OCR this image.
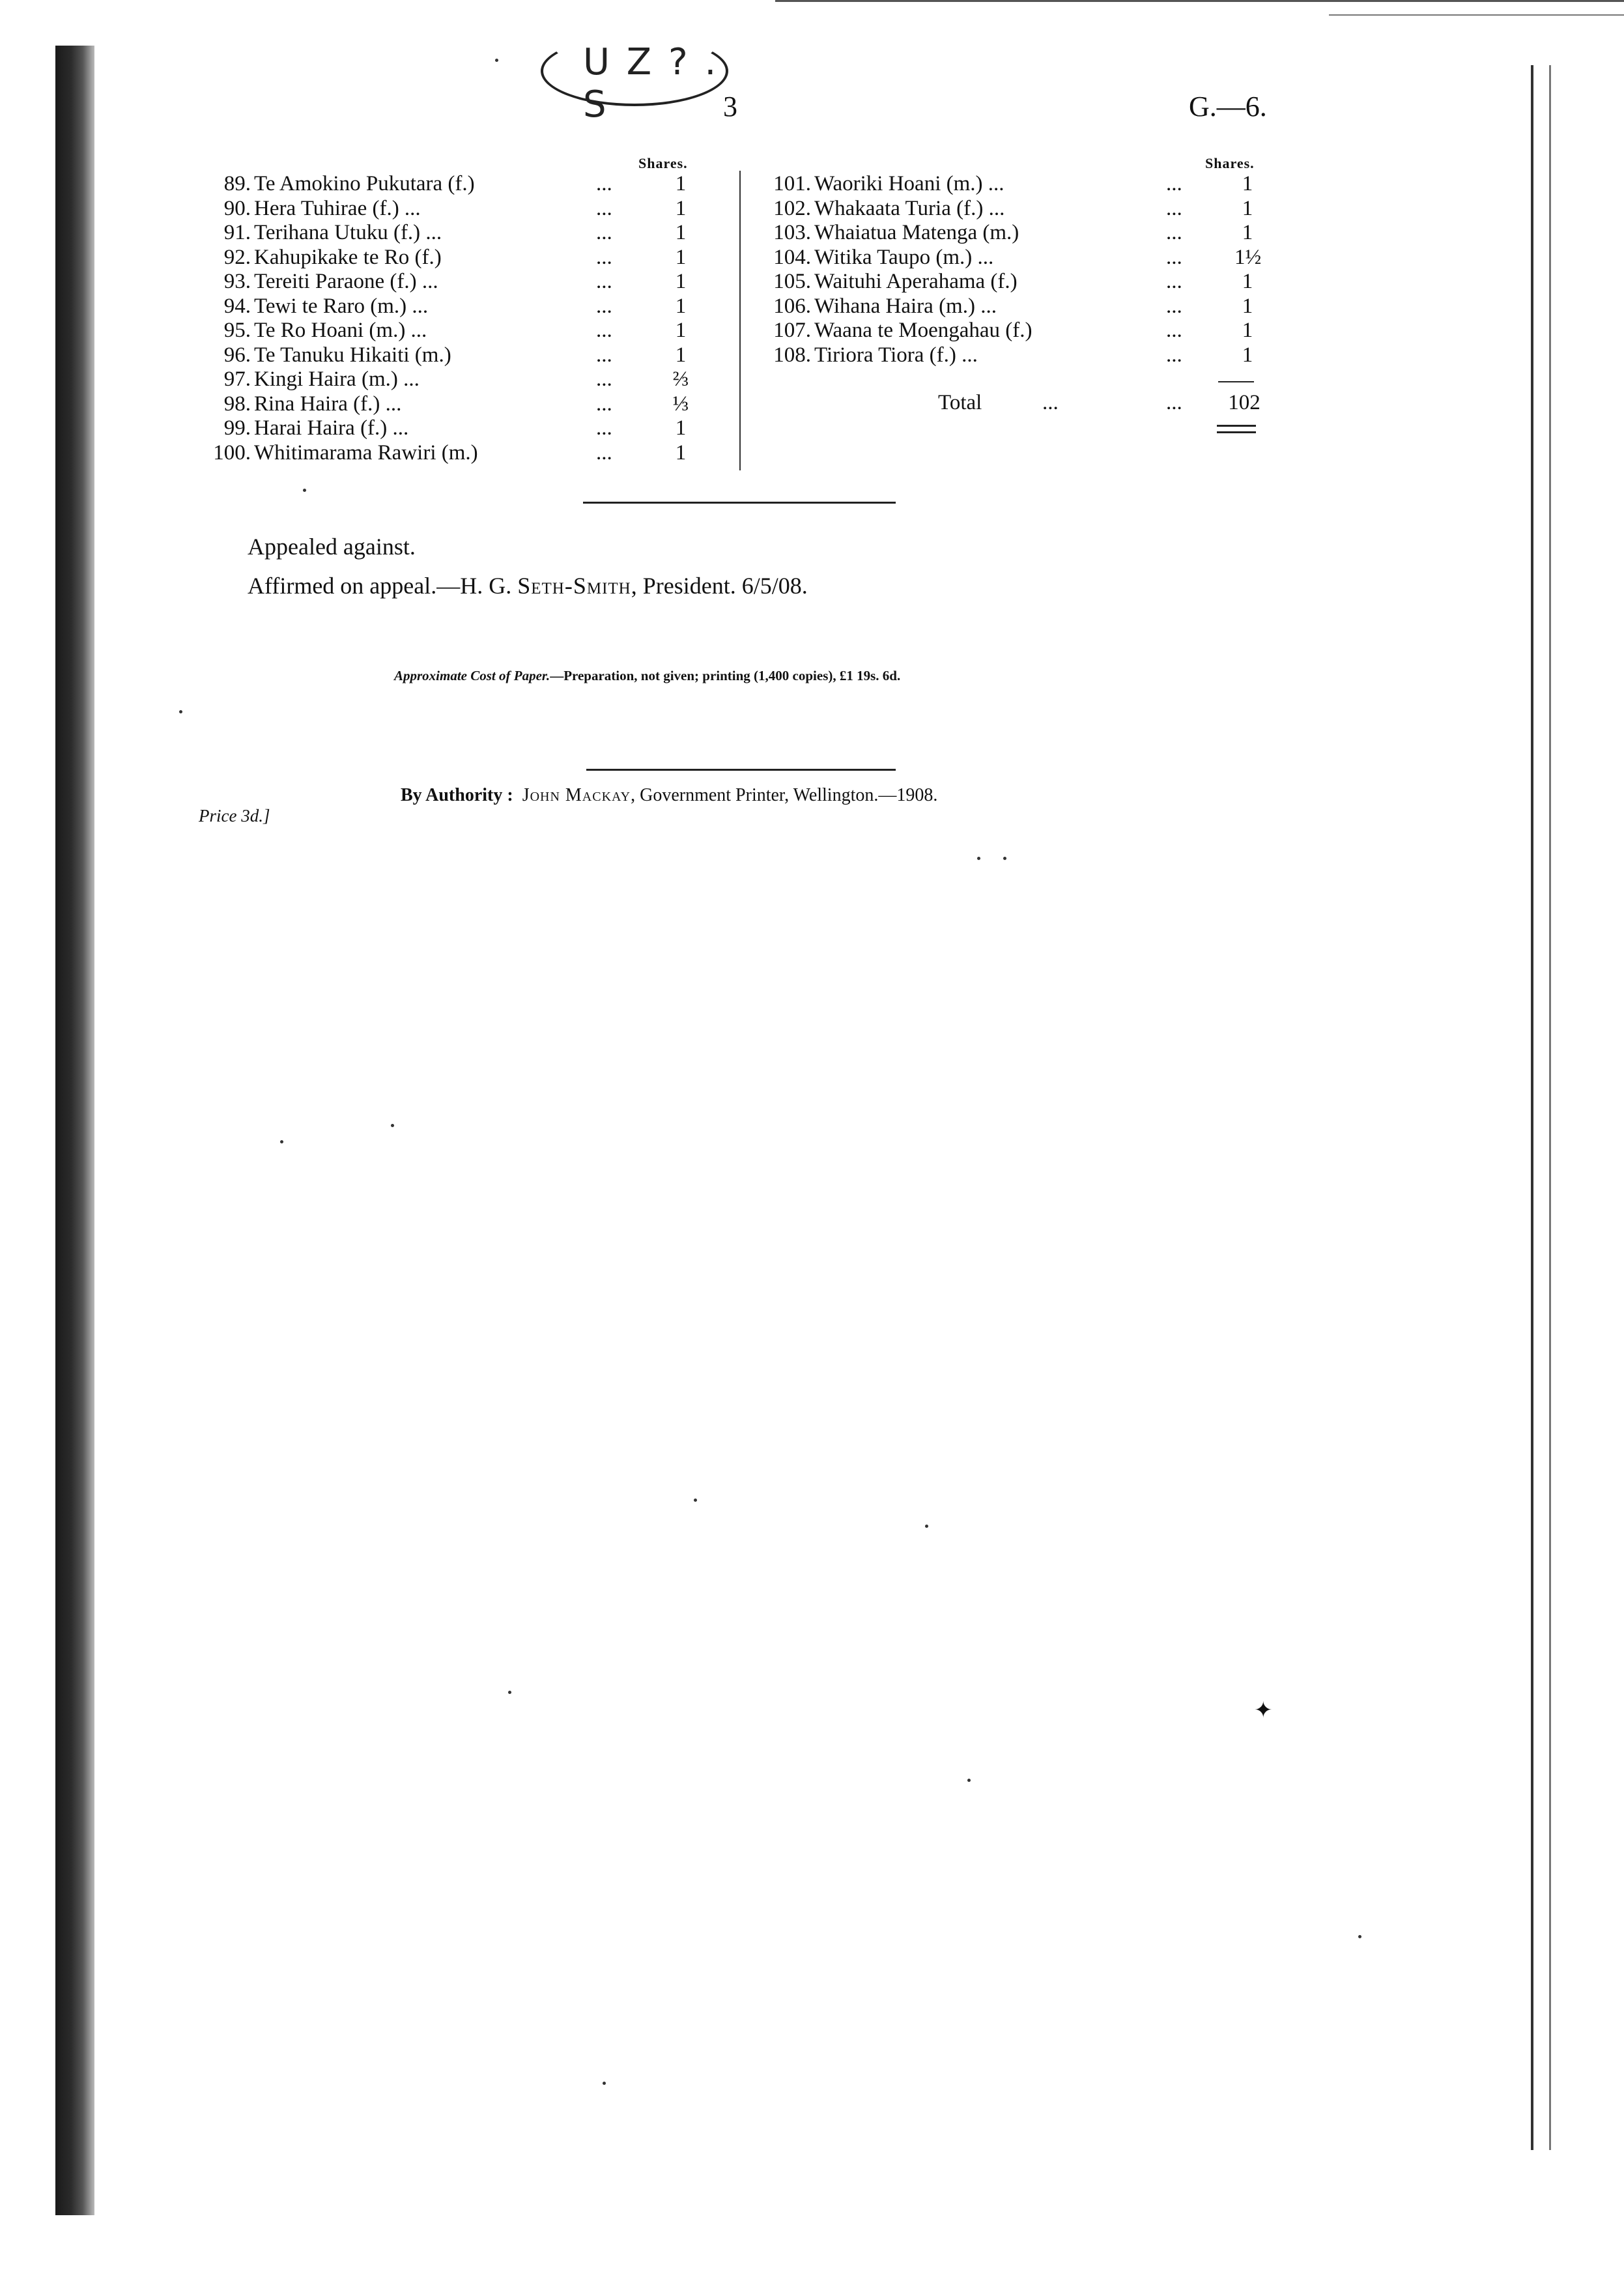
U Z ? . S	3	G.—6.
Shares.
89. Te Amokino Pukutara (f.)	...	1
90. Hera Tuhirae (f.) ...	...	1
91. Terihana Utuku (f.) ...	...	1
92. Kahupikake te Ro (f.)	...	1
93. Tereiti Paraone (f.) ...	...	1
94. Tewi te Raro (m.) ...	...	1
95. Te Ro Hoani (m.) ...	...	1
96. Te Tanuku Hikaiti (m.)	...	1
97. Kingi Haira (m.) ...	...	⅔
98. Rina Haira (f.) ...	...	⅓
99. Harai Haira (f.) ...	...	1
100. Whitimarama Rawiri (m.)	...	1
Shares.
101. Waoriki Hoani (m.) ...	...	1
102. Whakaata Turia (f.) ...	...	1
103. Whaiatua Matenga (m.)	...	1
104. Witika Taupo (m.) ...	... 1½
105. Waituhi Aperahama (f.)	...	1
106. Wihana Haira (m.) ...	...	1
107. Waana te Moengahau (f.)	...	1
108. Tiriora Tiora (f.) ...	...	1
Total	...	...	102
Appealed against.
Affirmed on appeal.—H. G. Seth-Smith, President. 6/5/08.
Approximate Cost of Paper.—Preparation, not given; printing (1,400 copies), £1 19s. 6d.
Price 3d.]
By Authority : John Mackay, Government Printer, Wellington.—1908.
✦
